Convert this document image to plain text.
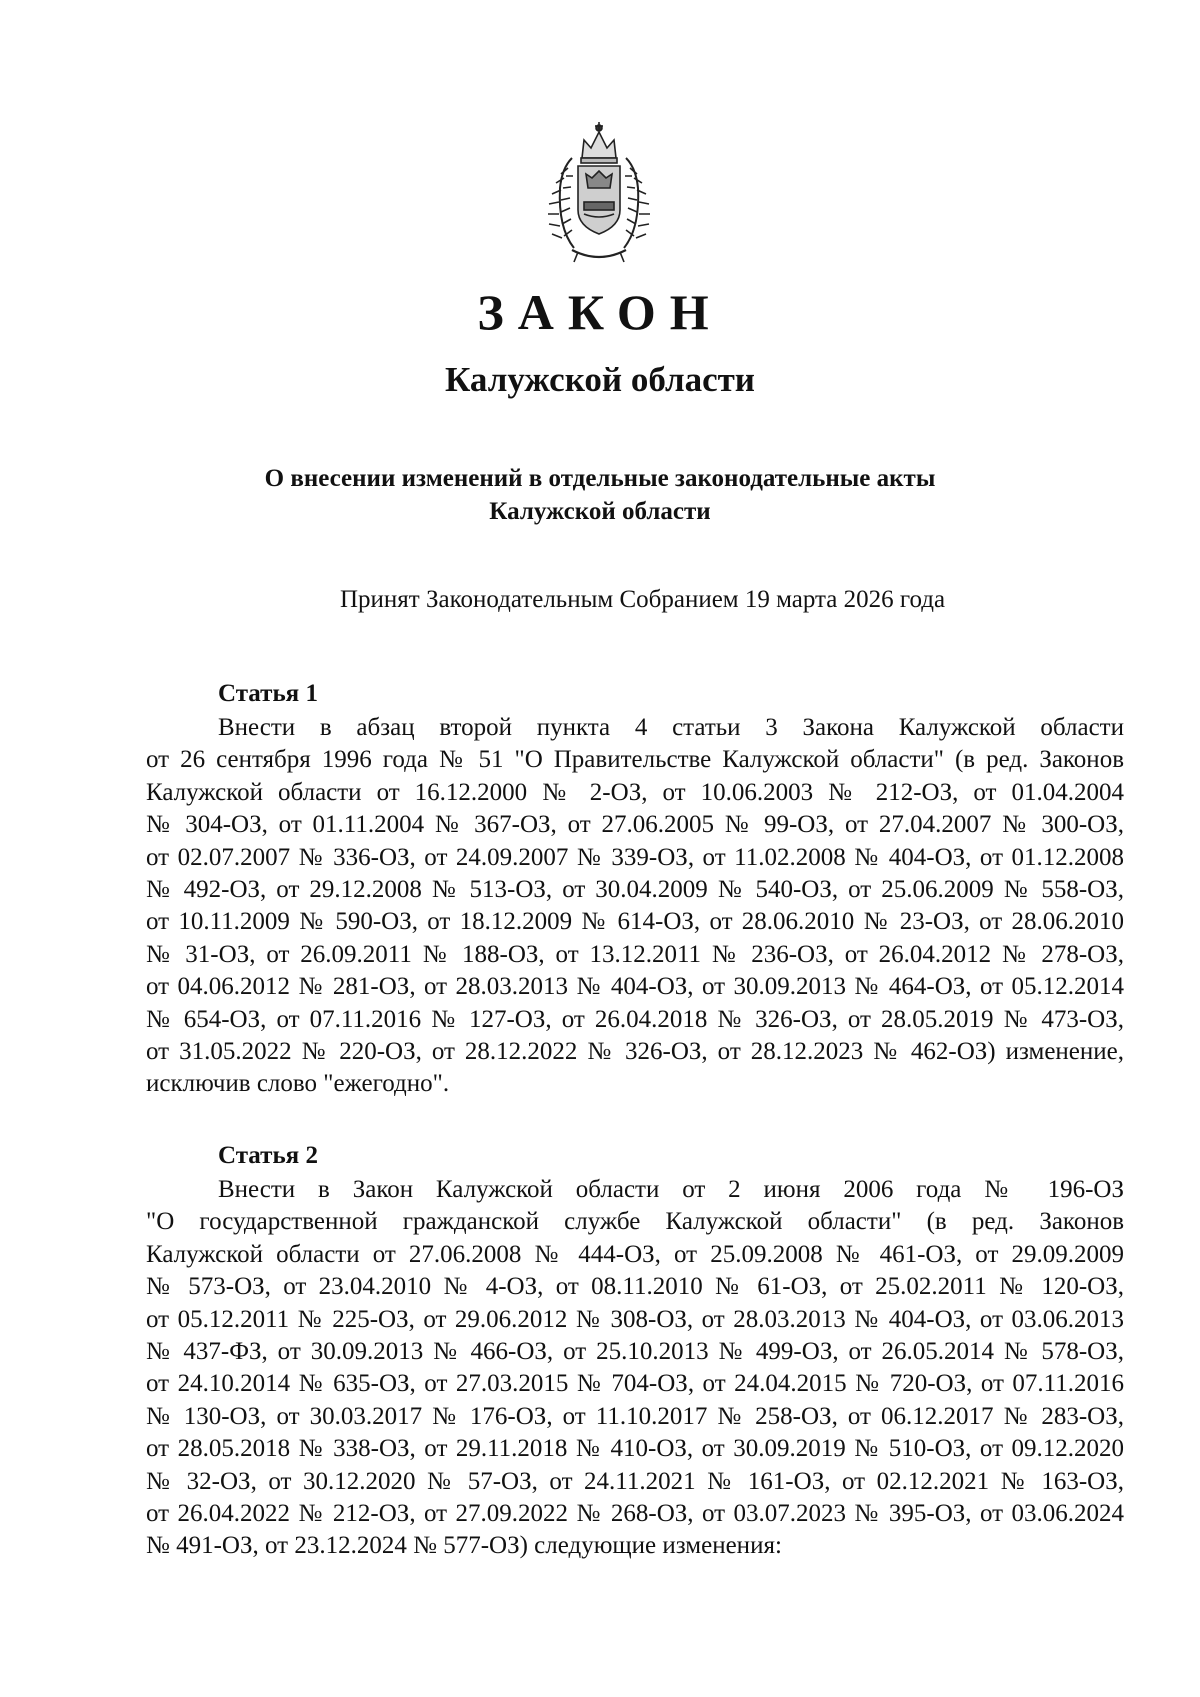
ЗАКОН
Калужской области
О внесении изменений в отдельные законодательные акты
Калужской области
Принят Законодательным Собранием 19 марта 2026 года
Статья 1
Внести в абзац второй пункта 4 статьи 3 Закона Калужской области
от 26 сентября 1996 года № 51 "О Правительстве Калужской области" (в ред. Законов
Калужской области от 16.12.2000 № 2-ОЗ, от 10.06.2003 № 212-ОЗ, от 01.04.2004
№ 304-ОЗ, от 01.11.2004 № 367-ОЗ, от 27.06.2005 № 99-ОЗ, от 27.04.2007 № 300-ОЗ,
от 02.07.2007 № 336-ОЗ, от 24.09.2007 № 339-ОЗ, от 11.02.2008 № 404-ОЗ, от 01.12.2008
№ 492-ОЗ, от 29.12.2008 № 513-ОЗ, от 30.04.2009 № 540-ОЗ, от 25.06.2009 № 558-ОЗ,
от 10.11.2009 № 590-ОЗ, от 18.12.2009 № 614-ОЗ, от 28.06.2010 № 23-ОЗ, от 28.06.2010
№ 31-ОЗ, от 26.09.2011 № 188-ОЗ, от 13.12.2011 № 236-ОЗ, от 26.04.2012 № 278-ОЗ,
от 04.06.2012 № 281-ОЗ, от 28.03.2013 № 404-ОЗ, от 30.09.2013 № 464-ОЗ, от 05.12.2014
№ 654-ОЗ, от 07.11.2016 № 127-ОЗ, от 26.04.2018 № 326-ОЗ, от 28.05.2019 № 473-ОЗ,
от 31.05.2022 № 220-ОЗ, от 28.12.2022 № 326-ОЗ, от 28.12.2023 № 462-ОЗ) изменение,
исключив слово "ежегодно".
Статья 2
Внести в Закон Калужской области от 2 июня 2006 года № 196-ОЗ
"О государственной гражданской службе Калужской области" (в ред. Законов
Калужской области от 27.06.2008 № 444-ОЗ, от 25.09.2008 № 461-ОЗ, от 29.09.2009
№ 573-ОЗ, от 23.04.2010 № 4-ОЗ, от 08.11.2010 № 61-ОЗ, от 25.02.2011 № 120-ОЗ,
от 05.12.2011 № 225-ОЗ, от 29.06.2012 № 308-ОЗ, от 28.03.2013 № 404-ОЗ, от 03.06.2013
№ 437-ФЗ, от 30.09.2013 № 466-ОЗ, от 25.10.2013 № 499-ОЗ, от 26.05.2014 № 578-ОЗ,
от 24.10.2014 № 635-ОЗ, от 27.03.2015 № 704-ОЗ, от 24.04.2015 № 720-ОЗ, от 07.11.2016
№ 130-ОЗ, от 30.03.2017 № 176-ОЗ, от 11.10.2017 № 258-ОЗ, от 06.12.2017 № 283-ОЗ,
от 28.05.2018 № 338-ОЗ, от 29.11.2018 № 410-ОЗ, от 30.09.2019 № 510-ОЗ, от 09.12.2020
№ 32-ОЗ, от 30.12.2020 № 57-ОЗ, от 24.11.2021 № 161-ОЗ, от 02.12.2021 № 163-ОЗ,
от 26.04.2022 № 212-ОЗ, от 27.09.2022 № 268-ОЗ, от 03.07.2023 № 395-ОЗ, от 03.06.2024
№ 491-ОЗ, от 23.12.2024 № 577-ОЗ) следующие изменения:
